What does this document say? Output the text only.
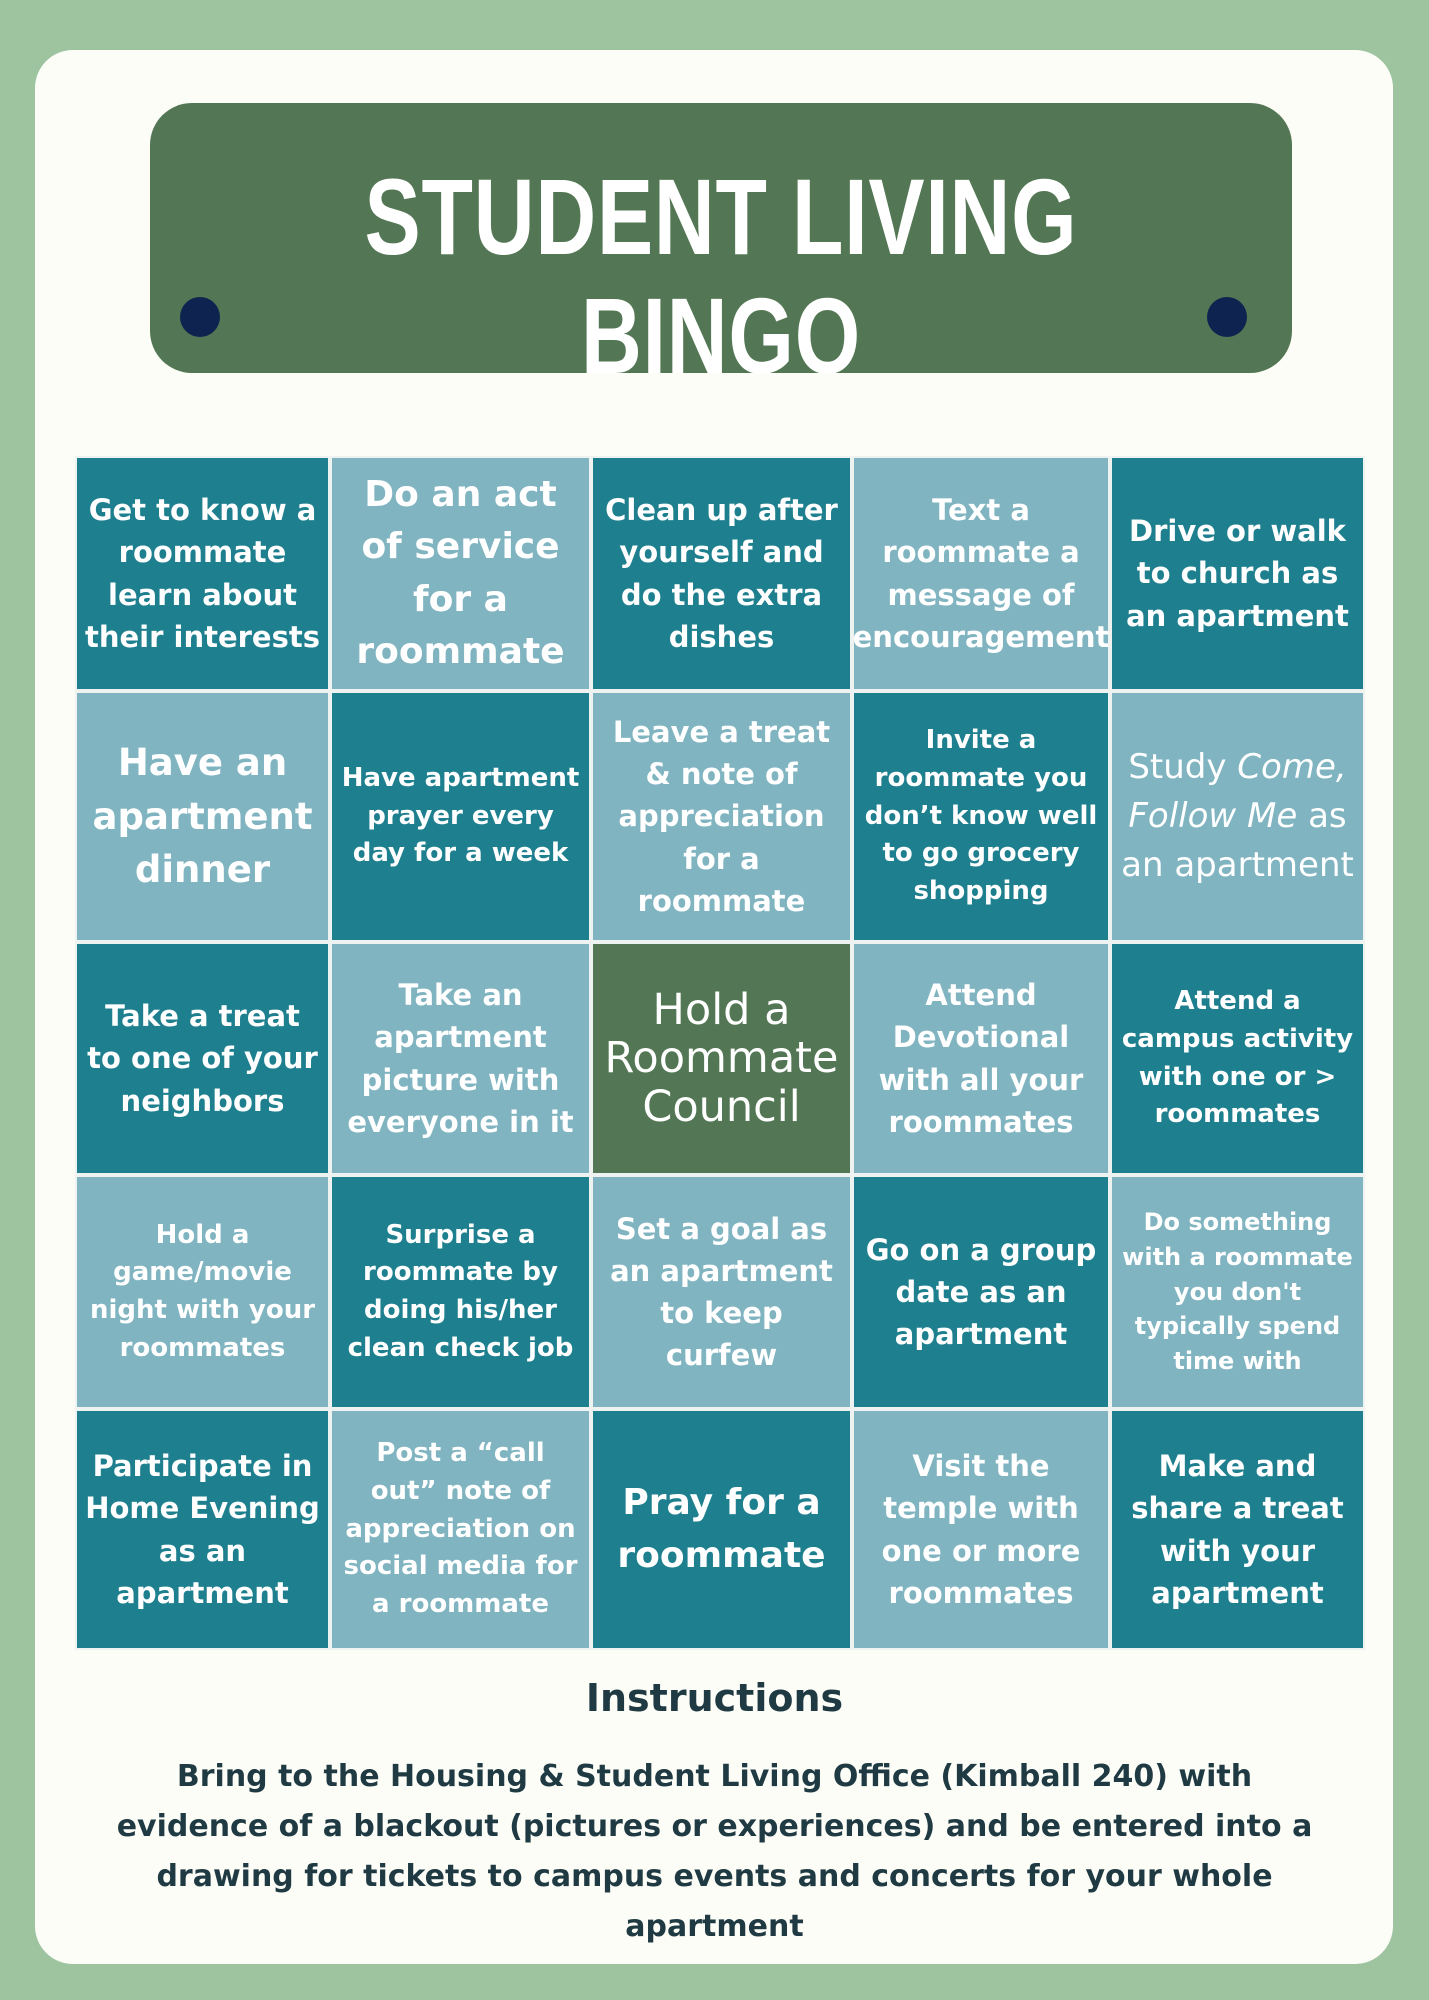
STUDENT LIVING BINGO
Get to know a roommate learn about their interests
Do an act of service for a roommate
Clean up after yourself and do the extra dishes
Text a roommate a message of encouragement
Drive or walk to church as an apartment
Have an apartment dinner
Have apartment prayer every day for a week
Leave a treat & note of appreciation for a roommate
Invite a roommate you don’t know well to go grocery shopping
Study Come, Follow Me as an apartment
Take a treat to one of your neighbors
Take an apartment picture with everyone in it
Hold a Roommate Council
Attend Devotional with all your roommates
Attend a campus activity with one or > roommates
Hold a game/movie night with your roommates
Surprise a roommate by doing his/her clean check job
Set a goal as an apartment to keep curfew
Go on a group date as an apartment
Do something with a roommate you don't typically spend time with
Participate in Home Evening as an apartment
Post a “call out” note of appreciation on social media for a roommate
Pray for a roommate
Visit the temple with one or more roommates
Make and share a treat with your apartment
Instructions
Bring to the Housing & Student Living Office (Kimball 240) with evidence of a blackout (pictures or experiences) and be entered into a drawing for tickets to campus events and concerts for your whole apartment
